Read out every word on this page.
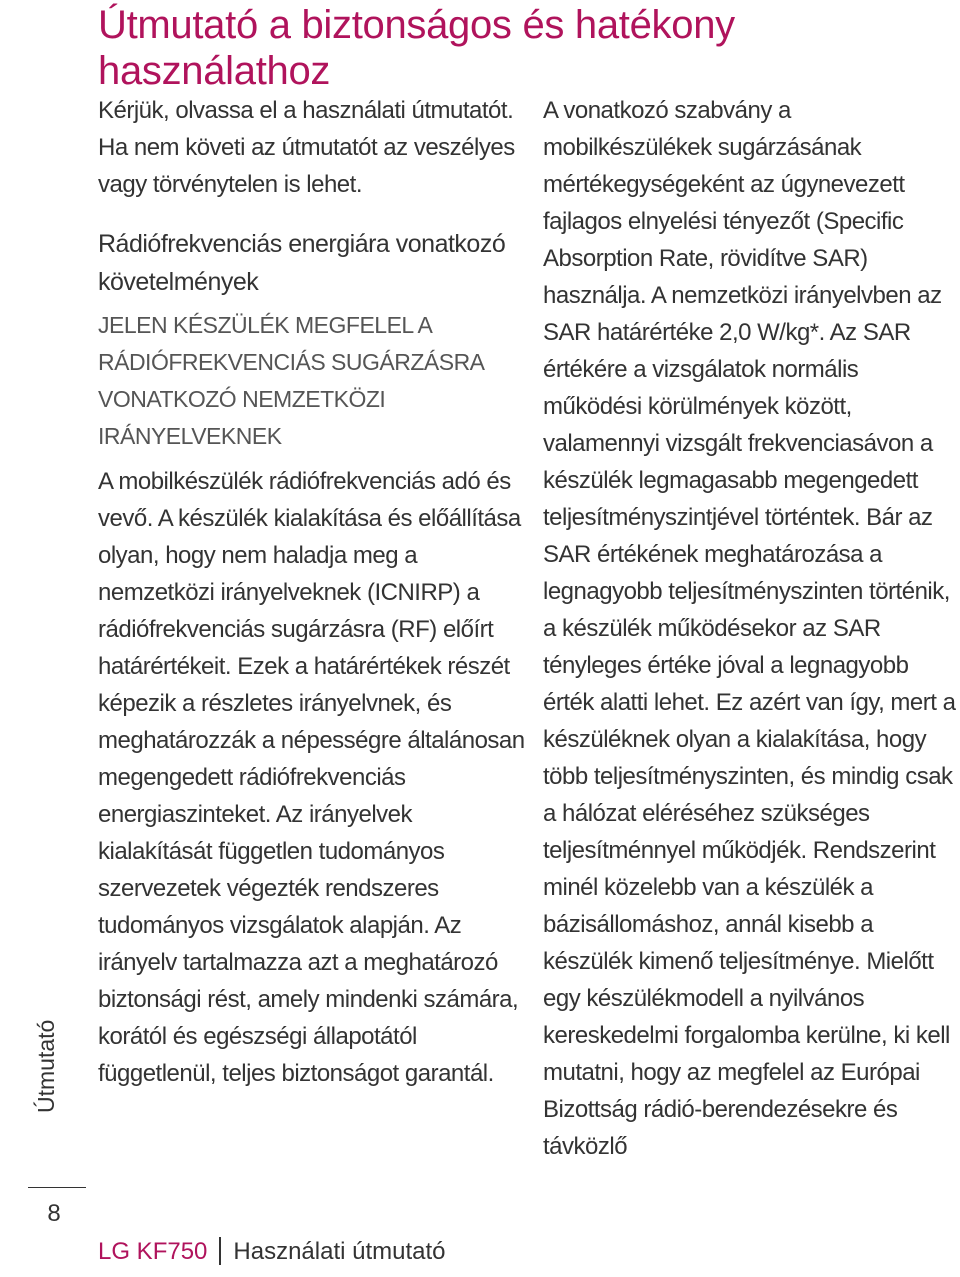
Útmutató a biztonságos és hatékony használathoz

Kérjük, olvassa el a használati útmutatót. Ha nem követi az útmutatót az veszélyes vagy törvénytelen is lehet.

Rádiófrekvenciás energiára vonatkozó követelmények

JELEN KÉSZÜLÉK MEGFELEL A RÁDIÓFREKVENCIÁS SUGÁRZÁSRA VONATKOZÓ NEMZETKÖZI IRÁNYELVEKNEK

A mobilkészülék rádiófrekvenciás adó és vevő. A készülék kialakítása és előállítása olyan, hogy nem haladja meg a nemzetközi irányelveknek (ICNIRP) a rádiófrekvenciás sugárzásra (RF) előírt határértékeit. Ezek a határértékek részét képezik a részletes irányelvnek, és meghatározzák a népességre általánosan megengedett rádiófrekvenciás energiaszinteket. Az irányelvek kialakítását független tudományos szervezetek végezték rendszeres tudományos vizsgálatok alapján. Az irányelv tartalmazza azt a meghatározó biztonsági rést, amely mindenki számára, korától és egészségi állapotától függetlenül, teljes biztonságot garantál.

A vonatkozó szabvány a mobilkészülékek sugárzásának mértékegységeként az úgynevezett fajlagos elnyelési tényezőt (Specific Absorption Rate, rövidítve SAR) használja. A nemzetközi irányelvben az SAR határértéke 2,0 W/kg*. Az SAR értékére a vizsgálatok normális működési körülmények között, valamennyi vizsgált frekvenciasávon a készülék legmagasabb megengedett teljesítményszintjével történtek. Bár az SAR értékének meghatározása a legnagyobb teljesítményszinten történik, a készülék működésekor az SAR tényleges értéke jóval a legnagyobb érték alatti lehet. Ez azért van így, mert a készüléknek olyan a kialakítása, hogy több teljesítményszinten, és mindig csak a hálózat eléréséhez szükséges teljesítménnyel működjék. Rendszerint minél közelebb van a készülék a bázisállomáshoz, annál kisebb a készülék kimenő teljesítménye. Mielőtt egy készülékmodell a nyilvános kereskedelmi forgalomba kerülne, ki kell mutatni, hogy az megfelel az Európai Bizottság rádió-berendezésekre és távközlő

Útmutató
8
LG KF750 Használati útmutató
